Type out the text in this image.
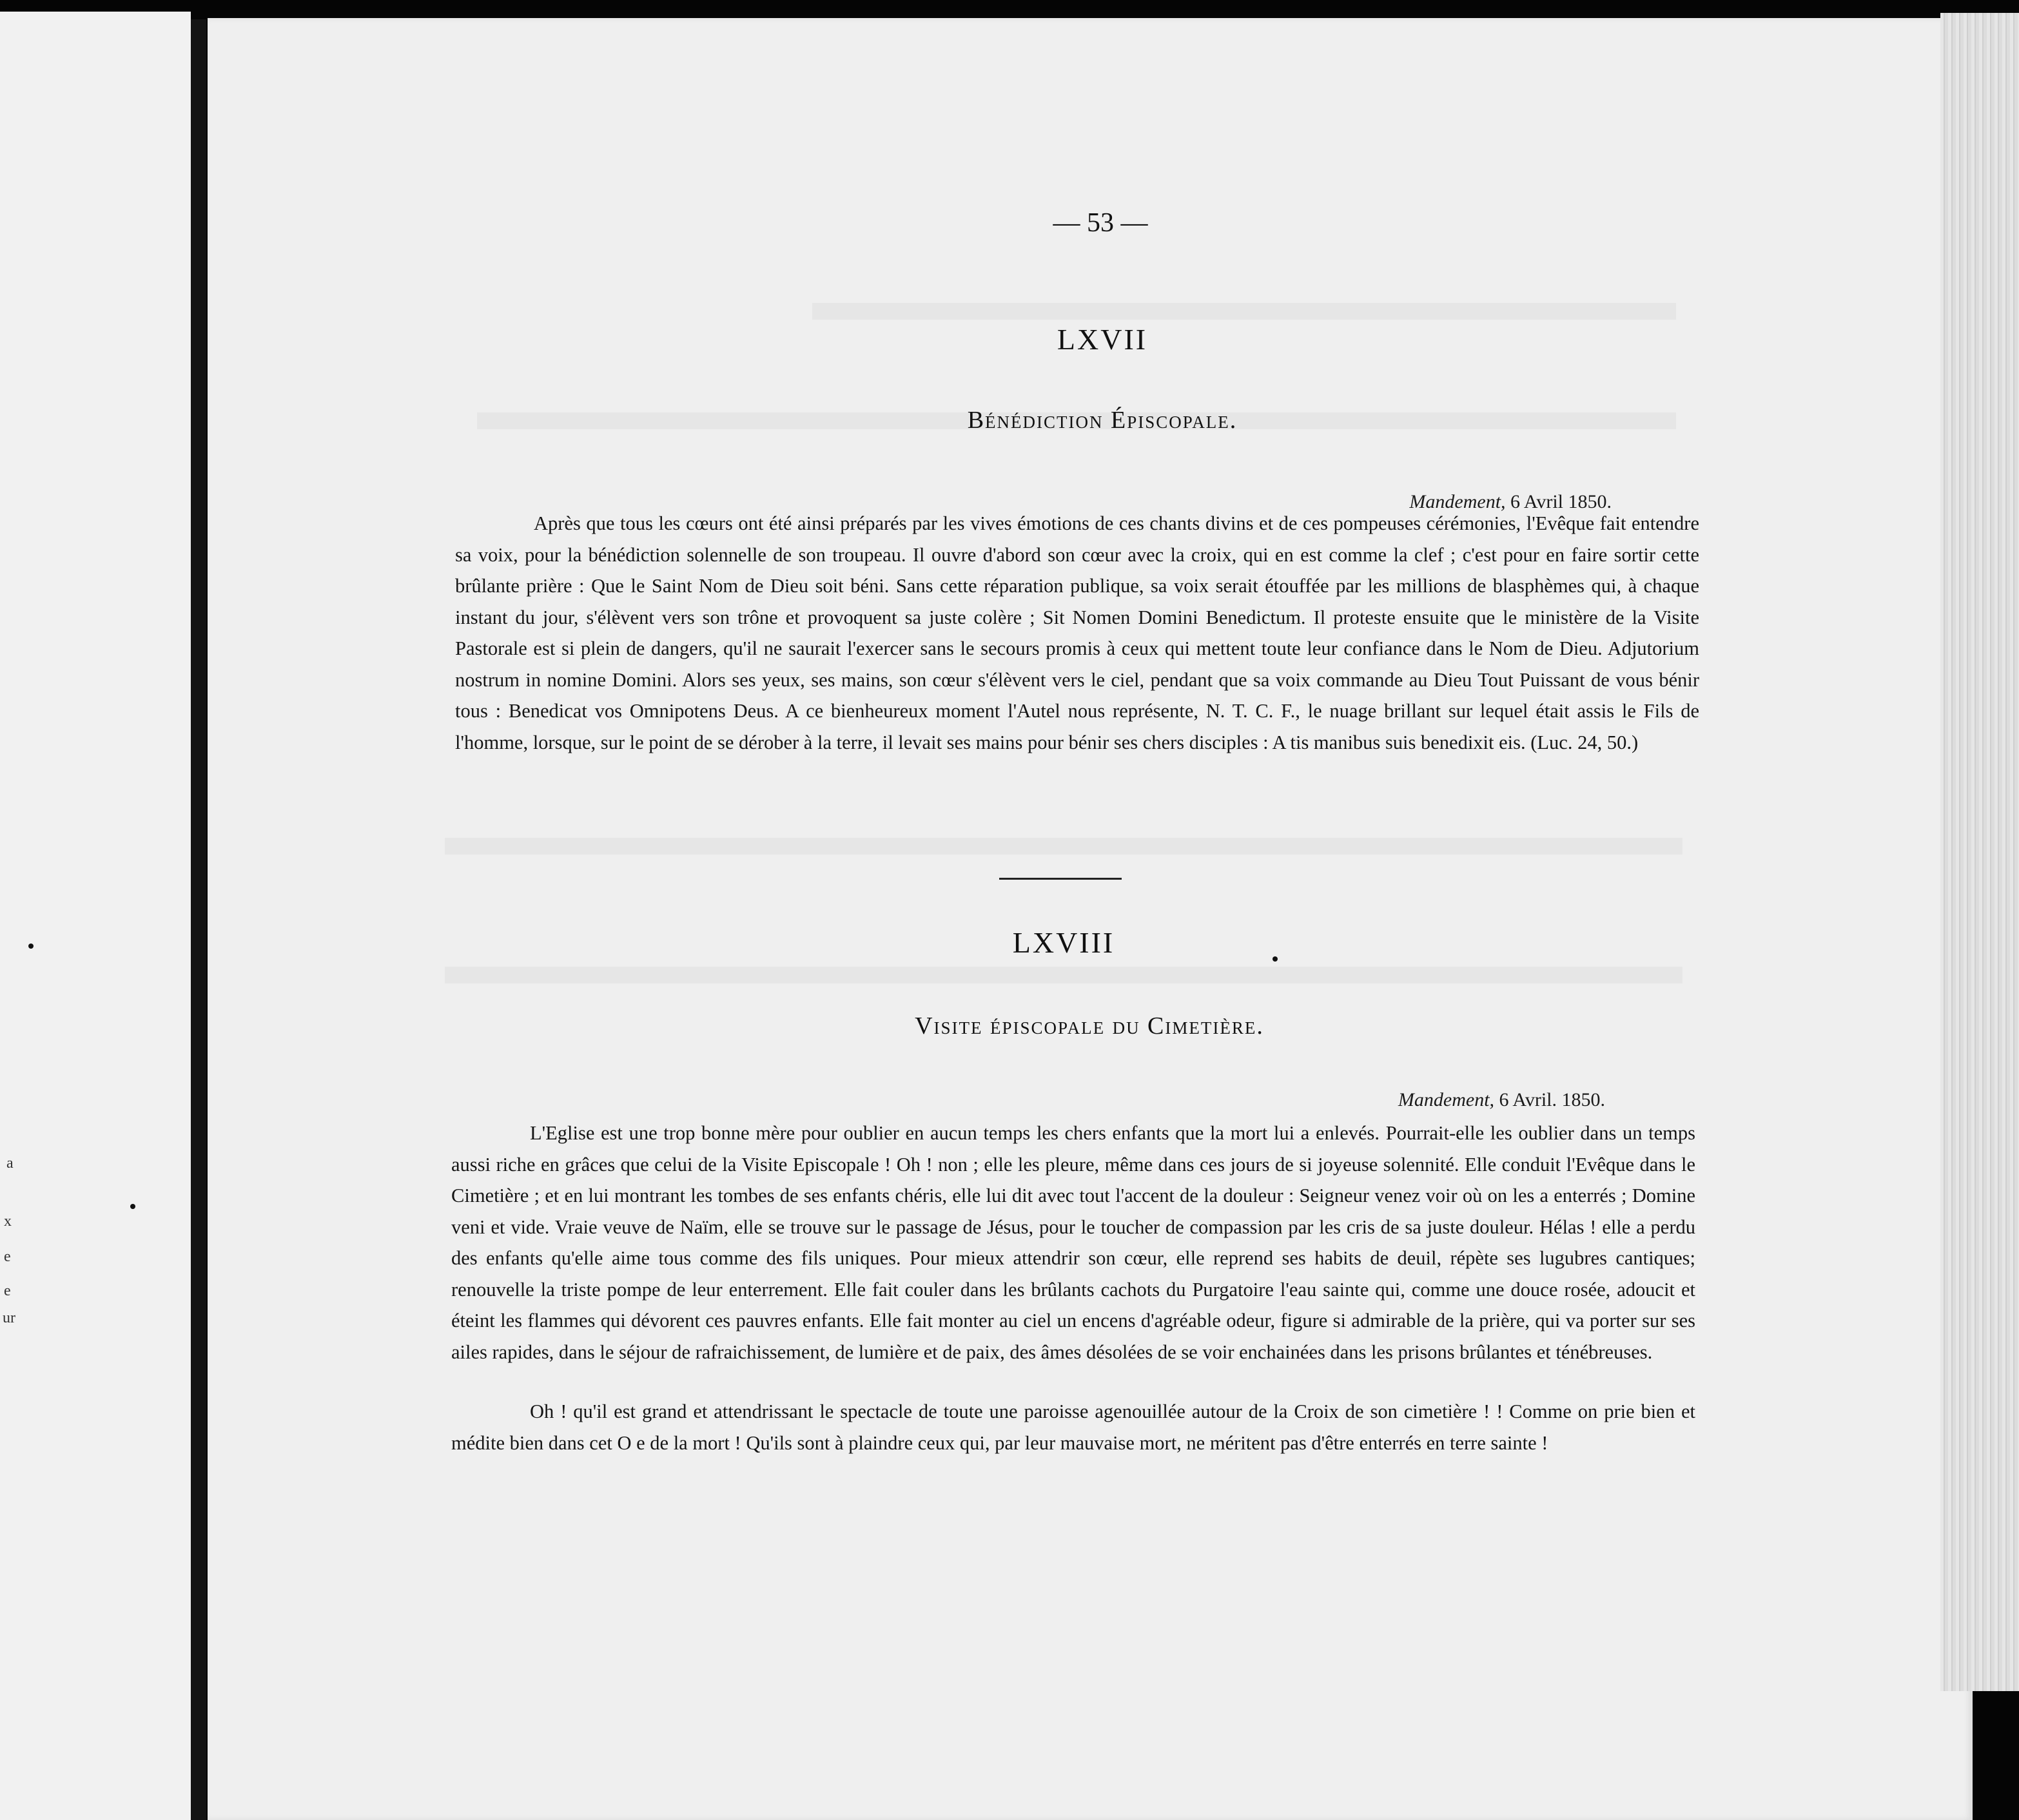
— 53 —
LXVII
Bénédiction Épiscopale.
Mandement, 6 Avril 1850.

Après que tous les cœurs ont été ainsi préparés par les vives émotions de ces chants divins et de ces pompeuses cérémonies, l'Evêque fait entendre sa voix, pour la bénédiction solennelle de son troupeau. Il ouvre d'abord son cœur avec la croix, qui en est comme la clef ; c'est pour en faire sortir cette brûlante prière : Que le Saint Nom de Dieu soit béni. Sans cette réparation publique, sa voix serait étouffée par les millions de blasphèmes qui, à chaque instant du jour, s'élèvent vers son trône et provoquent sa juste colère ; Sit Nomen Domini Benedictum. Il proteste ensuite que le ministère de la Visite Pastorale est si plein de dangers, qu'il ne saurait l'exercer sans le secours promis à ceux qui mettent toute leur confiance dans le Nom de Dieu. Adjutorium nostrum in nomine Domini. Alors ses yeux, ses mains, son cœur s'élèvent vers le ciel, pendant que sa voix commande au Dieu Tout Puissant de vous bénir tous : Benedicat vos Omnipotens Deus. A ce bienheureux moment l'Autel nous représente, N. T. C. F., le nuage brillant sur lequel était assis le Fils de l'homme, lorsque, sur le point de se dérober à la terre, il levait ses mains pour bénir ses chers disciples : A tis manibus suis benedixit eis. (Luc. 24, 50.)

LXVIII
Visite épiscopale du Cimetière.
Mandement, 6 Avril. 1850.

L'Eglise est une trop bonne mère pour oublier en aucun temps les chers enfants que la mort lui a enlevés. Pourrait-elle les oublier dans un temps aussi riche en grâces que celui de la Visite Episcopale ! Oh ! non ; elle les pleure, même dans ces jours de si joyeuse solennité. Elle conduit l'Evêque dans le Cimetière ; et en lui montrant les tombes de ses enfants chéris, elle lui dit avec tout l'accent de la douleur : Seigneur venez voir où on les a enterrés ; Domine veni et vide. Vraie veuve de Naïm, elle se trouve sur le passage de Jésus, pour le toucher de compassion par les cris de sa juste douleur. Hélas ! elle a perdu des enfants qu'elle aime tous comme des fils uniques. Pour mieux attendrir son cœur, elle reprend ses habits de deuil, répète ses lugubres cantiques; renouvelle la triste pompe de leur enterrement. Elle fait couler dans les brûlants cachots du Purgatoire l'eau sainte qui, comme une douce rosée, adoucit et éteint les flammes qui dévorent ces pauvres enfants. Elle fait monter au ciel un encens d'agréable odeur, figure si admirable de la prière, qui va porter sur ses ailes rapides, dans le séjour de rafraichissement, de lumière et de paix, des âmes désolées de se voir enchainées dans les prisons brûlantes et ténébreuses.

Oh ! qu'il est grand et attendrissant le spectacle de toute une paroisse agenouillée autour de la Croix de son cimetière ! ! Comme on prie bien et médite bien dans cet O e de la mort ! Qu'ils sont à plaindre ceux qui, par leur mauvaise mort, ne méritent pas d'être enterrés en terre sainte !

a
x
e
e
ur
